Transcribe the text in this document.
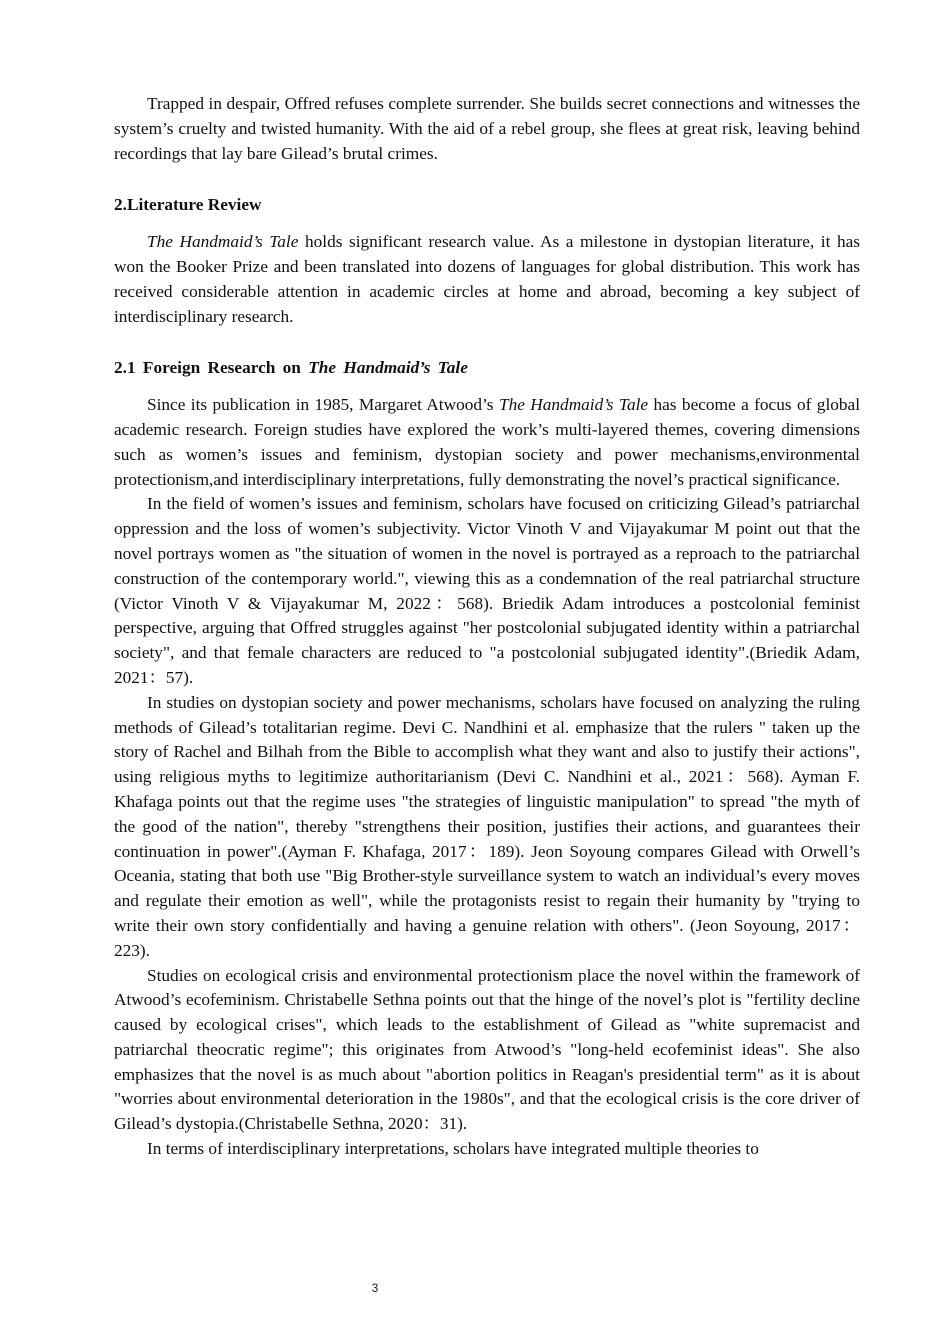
Trapped in despair, Offred refuses complete surrender. She builds secret connections and witnesses the system’s cruelty and twisted humanity. With the aid of a rebel group, she flees at great risk, leaving behind recordings that lay bare Gilead’s brutal crimes.

2.Literature Review

The Handmaid’s Tale holds significant research value. As a milestone in dystopian literature, it has won the Booker Prize and been translated into dozens of languages for global distribution. This work has received considerable attention in academic circles at home and abroad, becoming a key subject of interdisciplinary research.

2.1 Foreign Research on The Handmaid’s Tale

Since its publication in 1985, Margaret Atwood’s The Handmaid’s Tale has become a focus of global academic research. Foreign studies have explored the work’s multi-layered themes, covering dimensions such as women’s issues and feminism, dystopian society and power mechanisms,environmental protectionism,and interdisciplinary interpretations, fully demonstrating the novel’s practical significance.

In the field of women’s issues and feminism, scholars have focused on criticizing Gilead’s patriarchal oppression and the loss of women’s subjectivity. Victor Vinoth V and Vijayakumar M point out that the novel portrays women as "the situation of women in the novel is portrayed as a reproach to the patriarchal construction of the contemporary world.", viewing this as a condemnation of the real patriarchal structure (Victor Vinoth V & Vijayakumar M, 2022：568). Briedik Adam introduces a postcolonial feminist perspective, arguing that Offred struggles against "her postcolonial subjugated identity within a patriarchal society", and that female characters are reduced to "a postcolonial subjugated identity".(Briedik Adam, 2021：57).

In studies on dystopian society and power mechanisms, scholars have focused on analyzing the ruling methods of Gilead’s totalitarian regime. Devi C. Nandhini et al. emphasize that the rulers " taken up the story of Rachel and Bilhah from the Bible to accomplish what they want and also to justify their actions", using religious myths to legitimize authoritarianism (Devi C. Nandhini et al., 2021：568). Ayman F. Khafaga points out that the regime uses "the strategies of linguistic manipulation" to spread "the myth of the good of the nation", thereby "strengthens their position, justifies their actions, and guarantees their continuation in power".(Ayman F. Khafaga, 2017：189). Jeon Soyoung compares Gilead with Orwell’s Oceania, stating that both use "Big Brother-style surveillance system to watch an individual’s every moves and regulate their emotion as well", while the protagonists resist to regain their humanity by "trying to write their own story confidentially and having a genuine relation with others". (Jeon Soyoung, 2017：223).

Studies on ecological crisis and environmental protectionism place the novel within the framework of Atwood’s ecofeminism. Christabelle Sethna points out that the hinge of the novel’s plot is "fertility decline caused by ecological crises", which leads to the establishment of Gilead as "white supremacist and patriarchal theocratic regime"; this originates from Atwood’s "long-held ecofeminist ideas". She also emphasizes that the novel is as much about "abortion politics in Reagan's presidential term" as it is about "worries about environmental deterioration in the 1980s", and that the ecological crisis is the core driver of Gilead’s dystopia.(Christabelle Sethna, 2020：31).

In terms of interdisciplinary interpretations, scholars have integrated multiple theories to

3
